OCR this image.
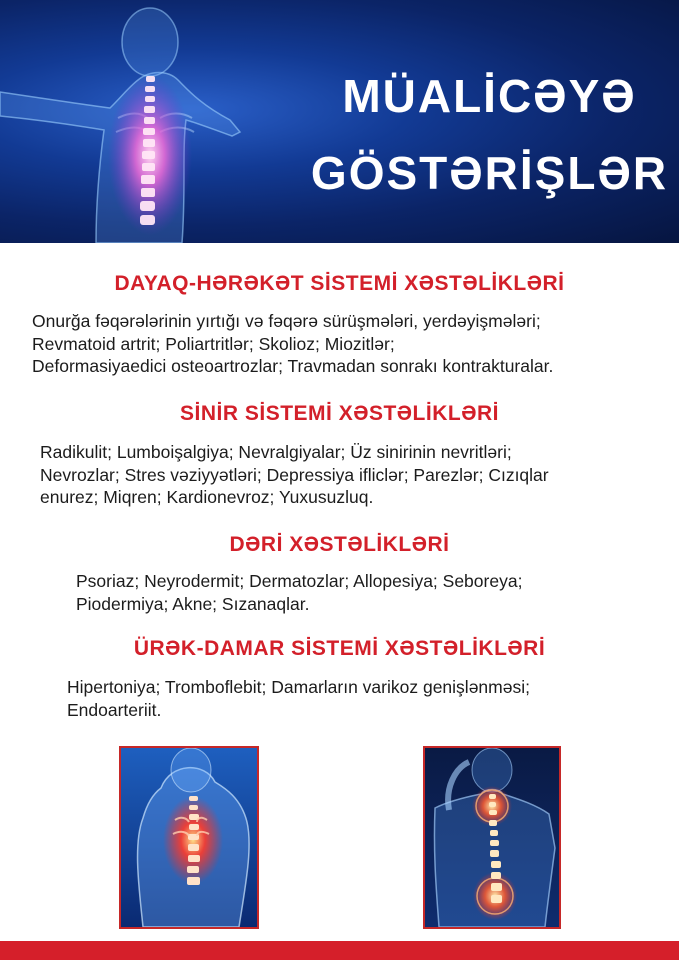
MÜALİCƏYƏ
GÖSTƏRİŞLƏR
DAYAQ-HƏRƏKƏT SİSTEMİ XƏSTƏLİKLƏRİ
Onurğa fəqərələrinin yırtığı və fəqərə sürüşmələri, yerdəyişmələri;
Revmatoid artrit; Poliartritlər; Skolioz; Miozitlər;
Deformasiyaedici osteoartrozlar; Travmadan sonrakı kontrakturalar.
SİNİR SİSTEMİ XƏSTƏLİKLƏRİ
Radikulit; Lumboişalgiya; Nevralgiyalar; Üz sinirinin nevritləri;
Nevrozlar; Stres vəziyyətləri; Depressiya ifliclər; Parezlər; Cızıqlar
enurez; Miqren; Kardionevroz; Yuxusuzluq.
DƏRİ XƏSTƏLİKLƏRİ
Psoriaz; Neyrodermit; Dermatozlar; Allopesiya; Seboreya;
Piodermiya; Akne; Sızanaqlar.
ÜRƏK-DAMAR SİSTEMİ XƏSTƏLİKLƏRİ
Hipertoniya; Tromboflebit; Damarların varikoz genişlənməsi;
Endoarteriit.
